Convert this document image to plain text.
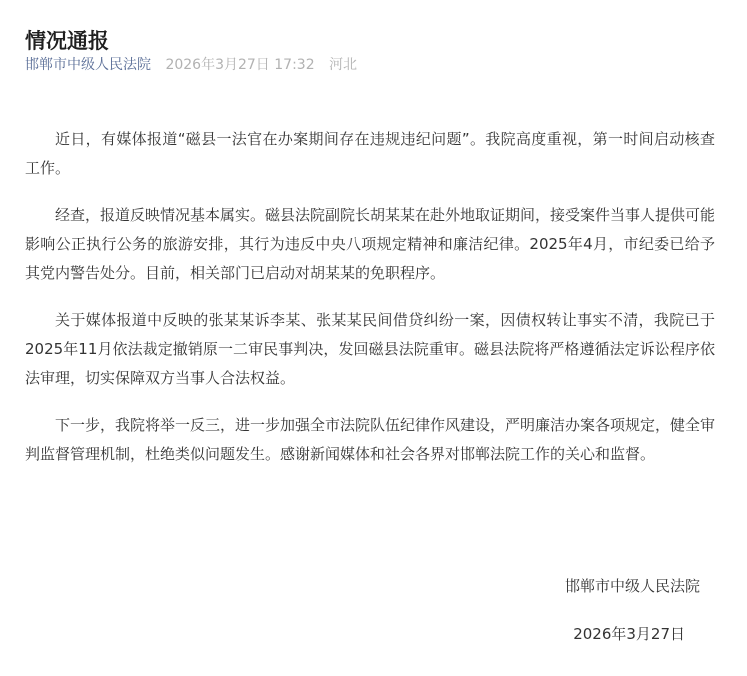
情况通报
邯郸市中级人民法院 2026年3月27日 17:32 河北

近日，有媒体报道“磁县一法官在办案期间存在违规违纪问题”。我院高度重视，第一时间启动核查工作。

经查，报道反映情况基本属实。磁县法院副院长胡某某在赴外地取证期间，接受案件当事人提供可能影响公正执行公务的旅游安排，其行为违反中央八项规定精神和廉洁纪律。2025年4月，市纪委已给予其党内警告处分。目前，相关部门已启动对胡某某的免职程序。

关于媒体报道中反映的张某某诉李某、张某某民间借贷纠纷一案，因债权转让事实不清，我院已于2025年11月依法裁定撤销原一二审民事判决，发回磁县法院重审。磁县法院将严格遵循法定诉讼程序依法审理，切实保障双方当事人合法权益。

下一步，我院将举一反三，进一步加强全市法院队伍纪律作风建设，严明廉洁办案各项规定，健全审判监督管理机制，杜绝类似问题发生。感谢新闻媒体和社会各界对邯郸法院工作的关心和监督。

邯郸市中级人民法院
2026年3月27日
